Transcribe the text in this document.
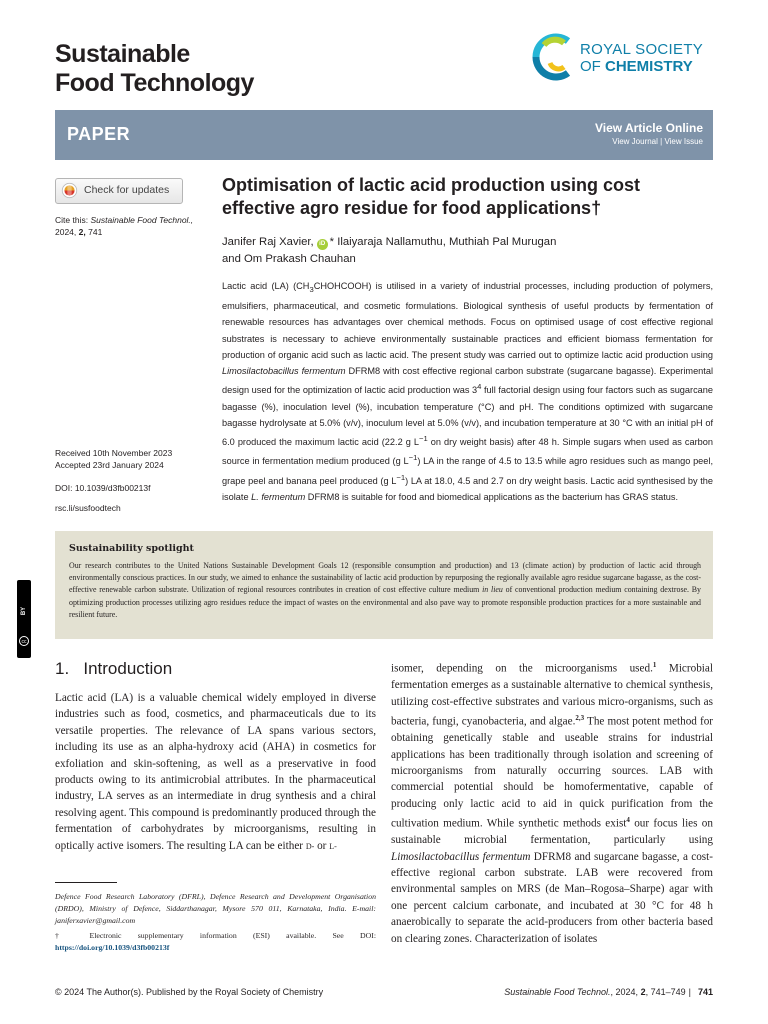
Sustainable
Food Technology
ROYAL SOCIETY
OF CHEMISTRY
PAPER	View Article Online
View Journal | View Issue
Check for updates
Cite this: Sustainable Food Technol.,
2024, 2, 741
Optimisation of lactic acid production using cost effective agro residue for food applications†
Janifer Raj Xavier, iD * Ilaiyaraja Nallamuthu, Muthiah Pal Murugan
and Om Prakash Chauhan

Lactic acid (LA) $(CH_3CHOHCOOH)$ is utilised in a variety of industrial processes, including production of polymers, emulsifiers, pharmaceutical, and cosmetic formulations. Biological synthesis of useful products by fermentation of renewable resources has advantages over chemical methods. Focus on optimised usage of cost effective regional substrates is necessary to achieve environmentally sustainable practices and efficient biomass fermentation for production of organic acid such as lactic acid. The present study was carried out to optimize lactic acid production using Limosilactobacillus fermentum DFRM8 with cost effective regional carbon substrate (sugarcane bagasse). Experimental design used for the optimization of lactic acid production was $3^4$ full factorial design using four factors such as sugarcane bagasse (%), inoculation level (%), incubation temperature (°C) and pH. The conditions optimized with sugarcane bagasse hydrolysate at 5.0% (v/v), inoculum level at 5.0% (v/v), and incubation temperature at 30 °C with an initial pH of 6.0 produced the maximum lactic acid (22.2 g $L^{-1}$ on dry weight basis) after 48 h. Simple sugars when used as carbon source in fermentation medium produced (g $L^{-1}$) LA in the range of 4.5 to 13.5 while agro residues such as mango peel, grape peel and banana peel produced (g $L^{-1}$) LA at 18.0, 4.5 and 2.7 on dry weight basis. Lactic acid synthesised by the isolate L. fermentum DFRM8 is suitable for food and biomedical applications as the bacterium has GRAS status.

Received 10th November 2023
Accepted 23rd January 2024
DOI: 10.1039/d3fb00213f
rsc.li/susfoodtech
Sustainability spotlight
Our research contributes to the United Nations Sustainable Development Goals 12 (responsible consumption and production) and 13 (climate action) by production of lactic acid through environmentally conscious practices. In our study, we aimed to enhance the sustainability of lactic acid production by repurposing the regionally available agro residue sugarcane bagasse, as the cost-effective renewable carbon substrate. Utilization of regional resources contributes in creation of cost effective culture medium in lieu of conventional production medium containing dextrose. By optimizing production processes utilizing agro residues reduce the impact of wastes on the environmental and also pave way to promote responsible production practices for a more sustainable and resilient future.
BY
cc
1.   Introduction

Lactic acid (LA) is a valuable chemical widely employed in diverse industries such as food, cosmetics, and pharmaceuticals due to its versatile properties. The relevance of LA spans various sectors, including its use as an alpha-hydroxy acid (AHA) in cosmetics for exfoliation and skin-softening, as well as a preservative in food products owing to its antimicrobial attributes. In the pharmaceutical industry, LA serves as an intermediate in drug synthesis and a chiral resolving agent. This compound is predominantly produced through the fermentation of carbohydrates by microorganisms, resulting in optically active isomers. The resulting LA can be either D- or L-

Defence Food Research Laboratory (DFRL), Defence Research and Development Organisation (DRDO), Ministry of Defence, Siddarthanagar, Mysore 570 011, Karnataka, India. E-mail: janiferxavier@gmail.com
† Electronic supplementary information (ESI) available. See DOI: https://doi.org/10.1039/d3fb00213f

isomer, depending on the microorganisms used.$^1$ Microbial fermentation emerges as a sustainable alternative to chemical synthesis, utilizing cost-effective substrates and various micro-organisms, such as bacteria, fungi, cyanobacteria, and algae.$^{2,3}$ The most potent method for obtaining genetically stable and useable strains for industrial applications has been traditionally through isolation and screening of microorganisms from naturally occurring sources. LAB with commercial potential should be homofermentative, capable of producing only lactic acid to aid in quick purification from the cultivation medium. While synthetic methods exist$^4$ our focus lies on sustainable microbial fermentation, particularly using Limosilactobacillus fermentum DFRM8 and sugarcane bagasse, a cost-effective regional carbon substrate. LAB were recovered from environmental samples on MRS (de Man–Rogosa–Sharpe) agar with one percent calcium carbonate, and incubated at 30 °C for 48 h anaerobically to separate the acid-producers from other bacteria based on clearing zones. Characterization of isolates

© 2024 The Author(s). Published by the Royal Society of Chemistry	Sustainable Food Technol., 2024, 2, 741–749 | 741
